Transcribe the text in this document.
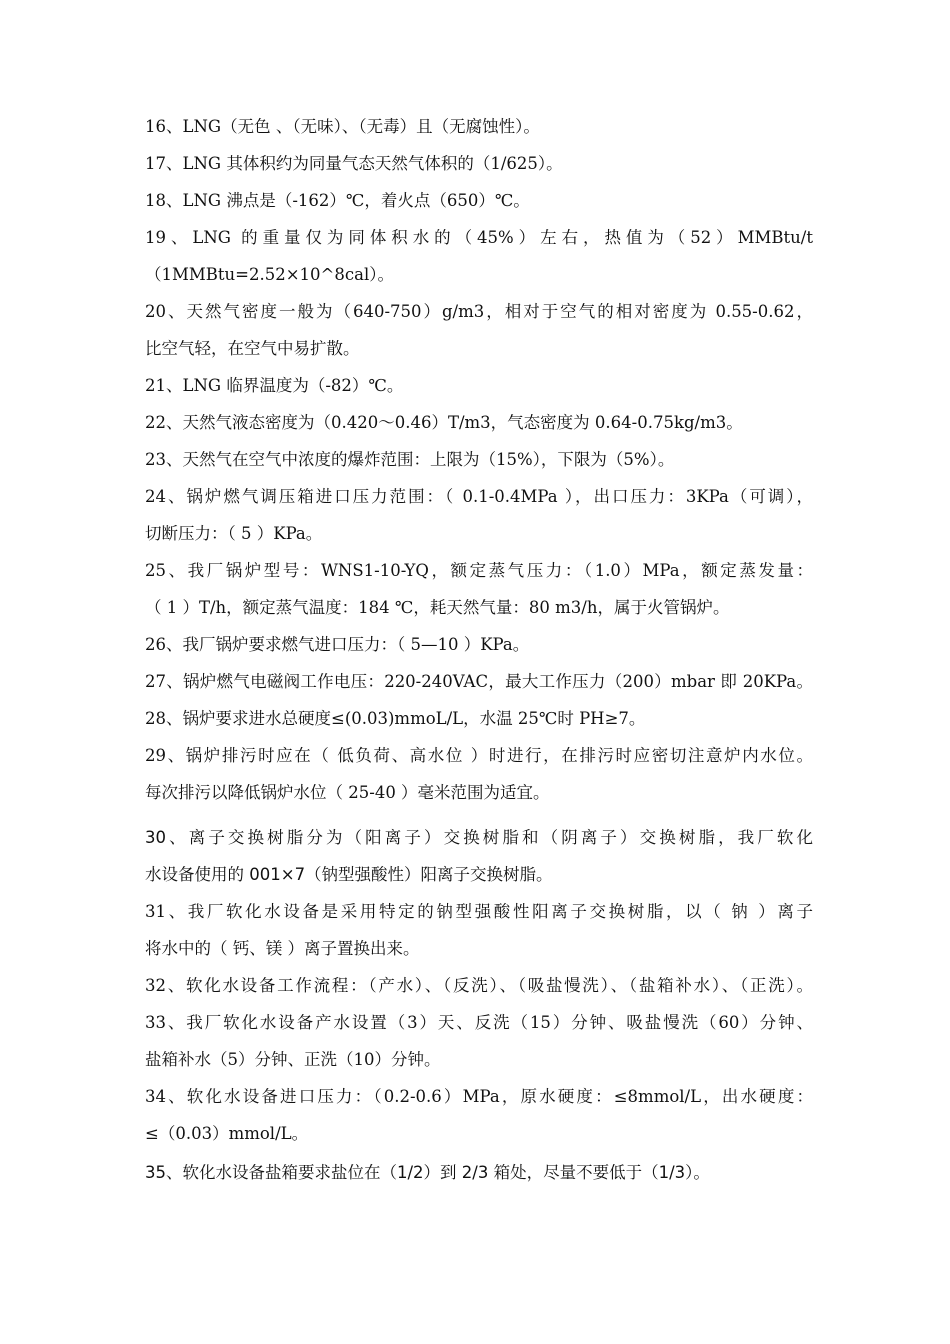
16、LNG（无色 、（无味）、（无毒）且（无腐蚀性）。
17、LNG 其体积约为同量气态天然气体积的（1/625）。
18、LNG 沸点是（-162）℃，着火点（650）℃。
19、LNG 的重量仅为同体积水的（45%）左右，热值为（52）MMBtu/t
（1MMBtu=2.52×10^8cal）。
20、天然气密度一般为（640-750）g/m3，相对于空气的相对密度为 0.55-0.62，
比空气轻，在空气中易扩散。
21、LNG 临界温度为（-82）℃。
22、天然气液态密度为（0.420～0.46）T/m3，气态密度为 0.64-0.75kg/m3。
23、天然气在空气中浓度的爆炸范围：上限为（15%），下限为（5%）。
24、锅炉燃气调压箱进口压力范围：（ 0.1-0.4MPa ），出口压力：3KPa（可调），
切断压力：（ 5 ）KPa。
25、我厂锅炉型号：WNS1-10-YQ，额定蒸气压力：（1.0）MPa，额定蒸发量：
（ 1 ）T/h，额定蒸气温度：184 ℃，耗天然气量：80 m3/h，属于火管锅炉。
26、我厂锅炉要求燃气进口压力：（ 5—10 ）KPa。
27、锅炉燃气电磁阀工作电压：220-240VAC，最大工作压力（200）mbar 即 20KPa。
28、锅炉要求进水总硬度≤(0.03)mmoL/L，水温 25℃时 PH≥7。
29、锅炉排污时应在（ 低负荷、高水位 ）时进行，在排污时应密切注意炉内水位。
每次排污以降低锅炉水位（ 25-40 ）毫米范围为适宜。
30、离子交换树脂分为（阳离子）交换树脂和（阴离子）交换树脂，我厂软化
水设备使用的 001×7（钠型强酸性）阳离子交换树脂。
31、我厂软化水设备是采用特定的钠型强酸性阳离子交换树脂，以（ 钠 ）离子
将水中的（ 钙、镁 ）离子置换出来。
32、软化水设备工作流程：（产水）、（反洗）、（吸盐慢洗）、（盐箱补水）、（正洗）。
33、我厂软化水设备产水设置（3）天、反洗（15）分钟、吸盐慢洗（60）分钟、
盐箱补水（5）分钟、正洗（10）分钟。
34、软化水设备进口压力：（0.2-0.6）MPa，原水硬度：≤8mmol/L，出水硬度：
≤（0.03）mmol/L。
35、软化水设备盐箱要求盐位在（1/2）到 2/3 箱处，尽量不要低于（1/3）。
